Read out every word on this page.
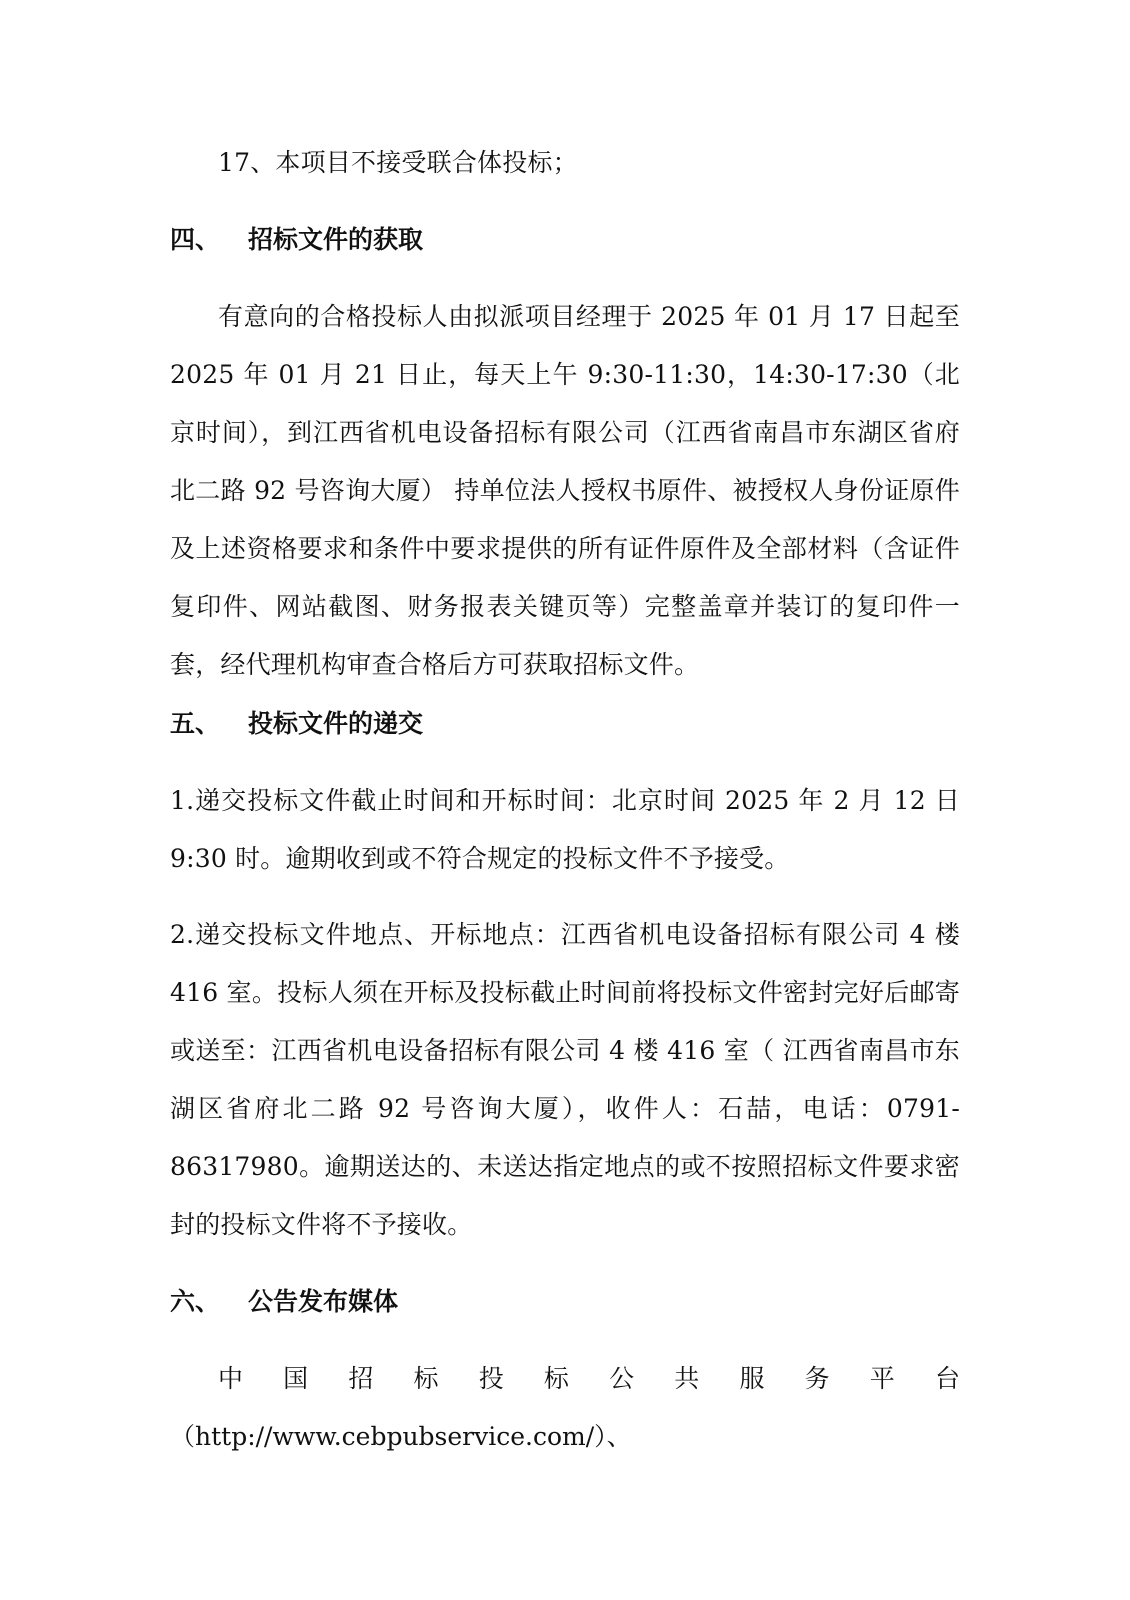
17、本项目不接受联合体投标；

四、 招标文件的获取

有意向的合格投标人由拟派项目经理于 2025 年 01 月 17 日起至 2025 年 01 月 21 日止，每天上午 9:30-11:30，14:30-17:30（北京时间），到江西省机电设备招标有限公司（江西省南昌市东湖区省府北二路 92 号咨询大厦） 持单位法人授权书原件、被授权人身份证原件及上述资格要求和条件中要求提供的所有证件原件及全部材料（含证件复印件、网站截图、财务报表关键页等）完整盖章并装订的复印件一套，经代理机构审查合格后方可获取招标文件。

五、 投标文件的递交

1.递交投标文件截止时间和开标时间：北京时间 2025 年 2 月 12 日 9:30 时。逾期收到或不符合规定的投标文件不予接受。

2.递交投标文件地点、开标地点：江西省机电设备招标有限公司 4 楼 416 室。投标人须在开标及投标截止时间前将投标文件密封完好后邮寄或送至：江西省机电设备招标有限公司 4 楼 416 室（ 江西省南昌市东湖区省府北二路 92 号咨询大厦），收件人：石喆，电话：0791-86317980。逾期送达的、未送达指定地点的或不按照招标文件要求密封的投标文件将不予接收。

六、 公告发布媒体

中国招标投标公共服务平台（http://www.cebpubservice.com/）、
